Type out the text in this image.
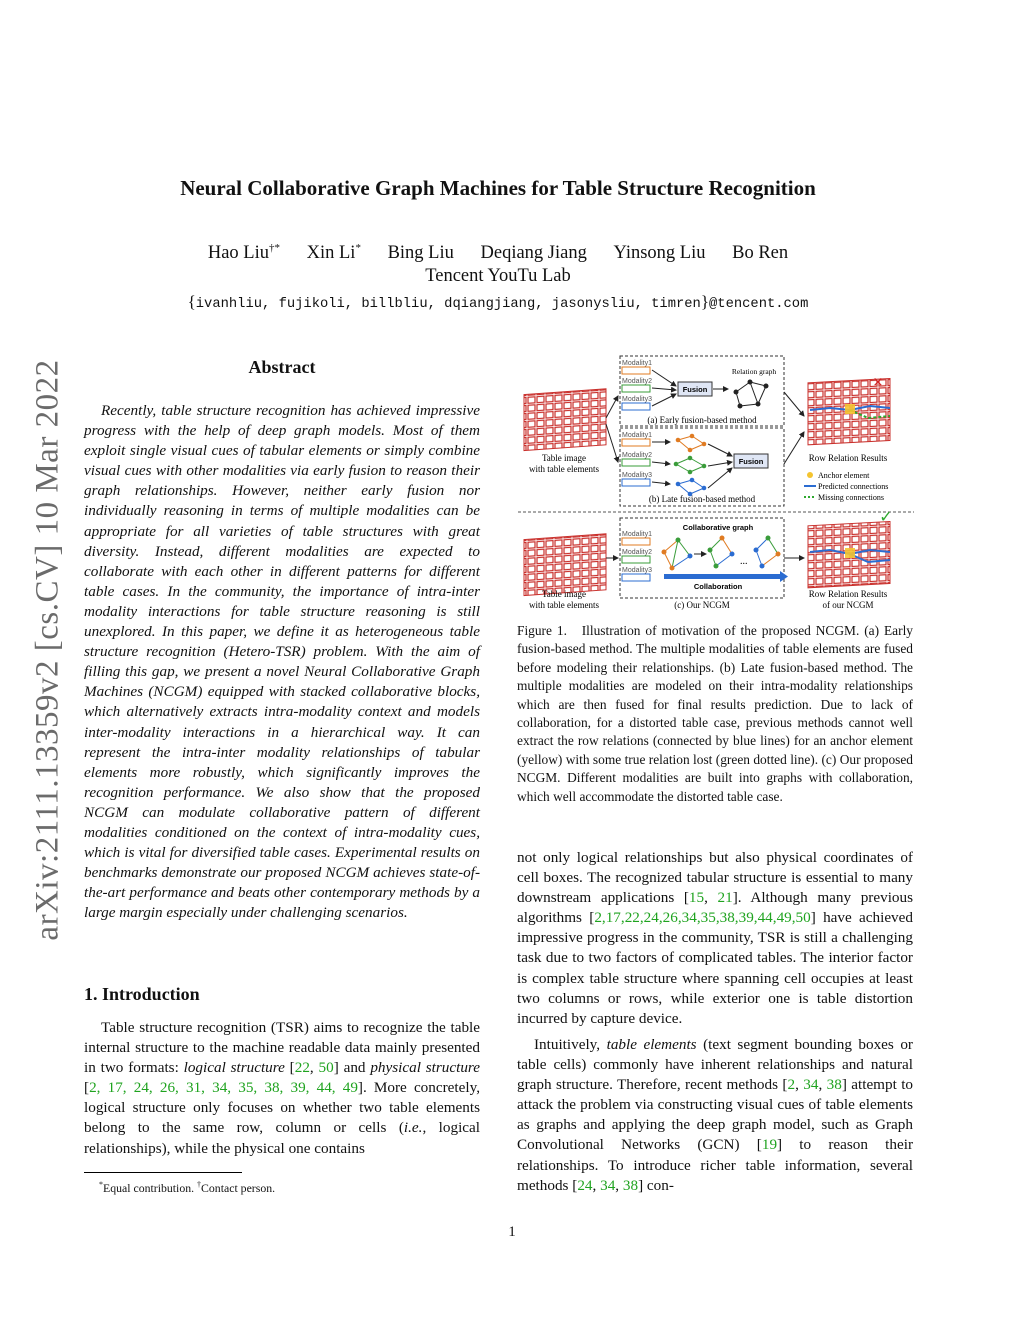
arXiv:2111.13359v2 [cs.CV] 10 Mar 2022
Neural Collaborative Graph Machines for Table Structure Recognition
Hao Liu†* Xin Li* Bing Liu Deqiang Jiang Yinsong Liu Bo Ren
Tencent YouTu Lab
{ivanhliu, fujikoli, billbliu, dqiangjiang, jasonysliu, timren}@tencent.com
Abstract
Recently, table structure recognition has achieved impressive progress with the help of deep graph models. Most of them exploit single visual cues of tabular elements or simply combine visual cues with other modalities via early fusion to reason their graph relationships. However, neither early fusion nor individually reasoning in terms of multiple modalities can be appropriate for all varieties of table structures with great diversity. Instead, different modalities are expected to collaborate with each other in different patterns for different table cases. In the community, the importance of intra-inter modality interactions for table structure reasoning is still unexplored. In this paper, we define it as heterogeneous table structure recognition (Hetero-TSR) problem. With the aim of filling this gap, we present a novel Neural Collaborative Graph Machines (NCGM) equipped with stacked collaborative blocks, which alternatively extracts intra-modality context and models inter-modality interactions in a hierarchical way. It can represent the intra-inter modality relationships of tabular elements more robustly, which significantly improves the recognition performance. We also show that the proposed NCGM can modulate collaborative pattern of different modalities conditioned on the context of intra-modality cues, which is vital for diversified table cases. Experimental results on benchmarks demonstrate our proposed NCGM achieves state-of-the-art performance and beats other contemporary methods by a large margin especially under challenging scenarios.
1. Introduction
Table structure recognition (TSR) aims to recognize the table internal structure to the machine readable data mainly presented in two formats: logical structure [22, 50] and physical structure [2, 17, 24, 26, 31, 34, 35, 38, 39, 44, 49]. More concretely, logical structure only focuses on whether two table elements belong to the same row, column or cells (i.e., logical relationships), while the physical one contains
*Equal contribution. †Contact person.
Table image
with table elements
Modality1
Modality2
Modality3
Fusion
Relation graph
(a) Early fusion-based method
Modality1
Modality2
Modality3
Fusion
(b) Late fusion-based method
×
Row Relation Results
Anchor element
Predicted connections
Missing connections
Table image
with table elements
Collaborative graph
Modality1
Modality2
Modality3
...
Collaboration
(c) Our NCGM
✓
Row Relation Results
of our NCGM
Figure 1. Illustration of motivation of the proposed NCGM. (a) Early fusion-based method. The multiple modalities of table elements are fused before modeling their relationships. (b) Late fusion-based method. The multiple modalities are modeled on their intra-modality relationships which are then fused for final results prediction. Due to lack of collaboration, for a distorted table case, previous methods cannot well extract the row relations (connected by blue lines) for an anchor element (yellow) with some true relation lost (green dotted line). (c) Our proposed NCGM. Different modalities are built into graphs with collaboration, which well accommodate the distorted table case.
not only logical relationships but also physical coordinates of cell boxes. The recognized tabular structure is essential to many downstream applications [15, 21]. Although many previous algorithms [2,17,22,24,26,34,35,38,39,44,49,50] have achieved impressive progress in the community, TSR is still a challenging task due to two factors of complicated tables. The interior factor is complex table structure where spanning cell occupies at least two columns or rows, while exterior one is table distortion incurred by capture device.
Intuitively, table elements (text segment bounding boxes or table cells) commonly have inherent relationships and natural graph structure. Therefore, recent methods [2, 34, 38] attempt to attack the problem via constructing visual cues of table elements as graphs and applying the deep graph model, such as Graph Convolutional Networks (GCN) [19] to reason their relationships. To introduce richer table information, several methods [24, 34, 38] con-
1
